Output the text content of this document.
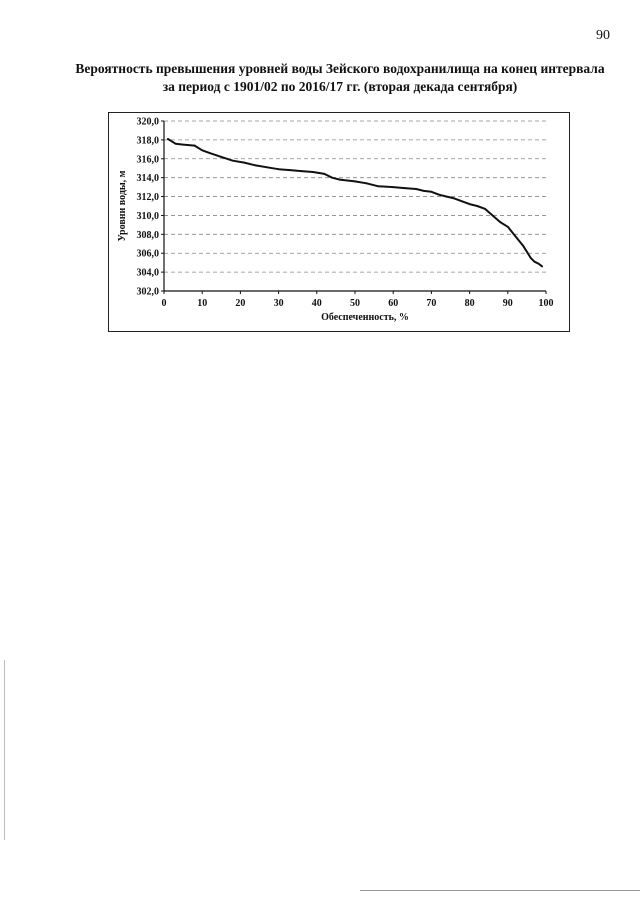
90
Вероятность превышения уровней воды Зейского водохранилища на конец интервала
за период с 1901/02 по 2016/17 гг. (вторая декада сентября)
320,0
318,0
316,0
314,0
312,0
310,0
308,0
306,0
304,0
302,0
0	10	20	30	40	50	60	70	80	90	100
Обеспеченность, %
Уровни воды, м
